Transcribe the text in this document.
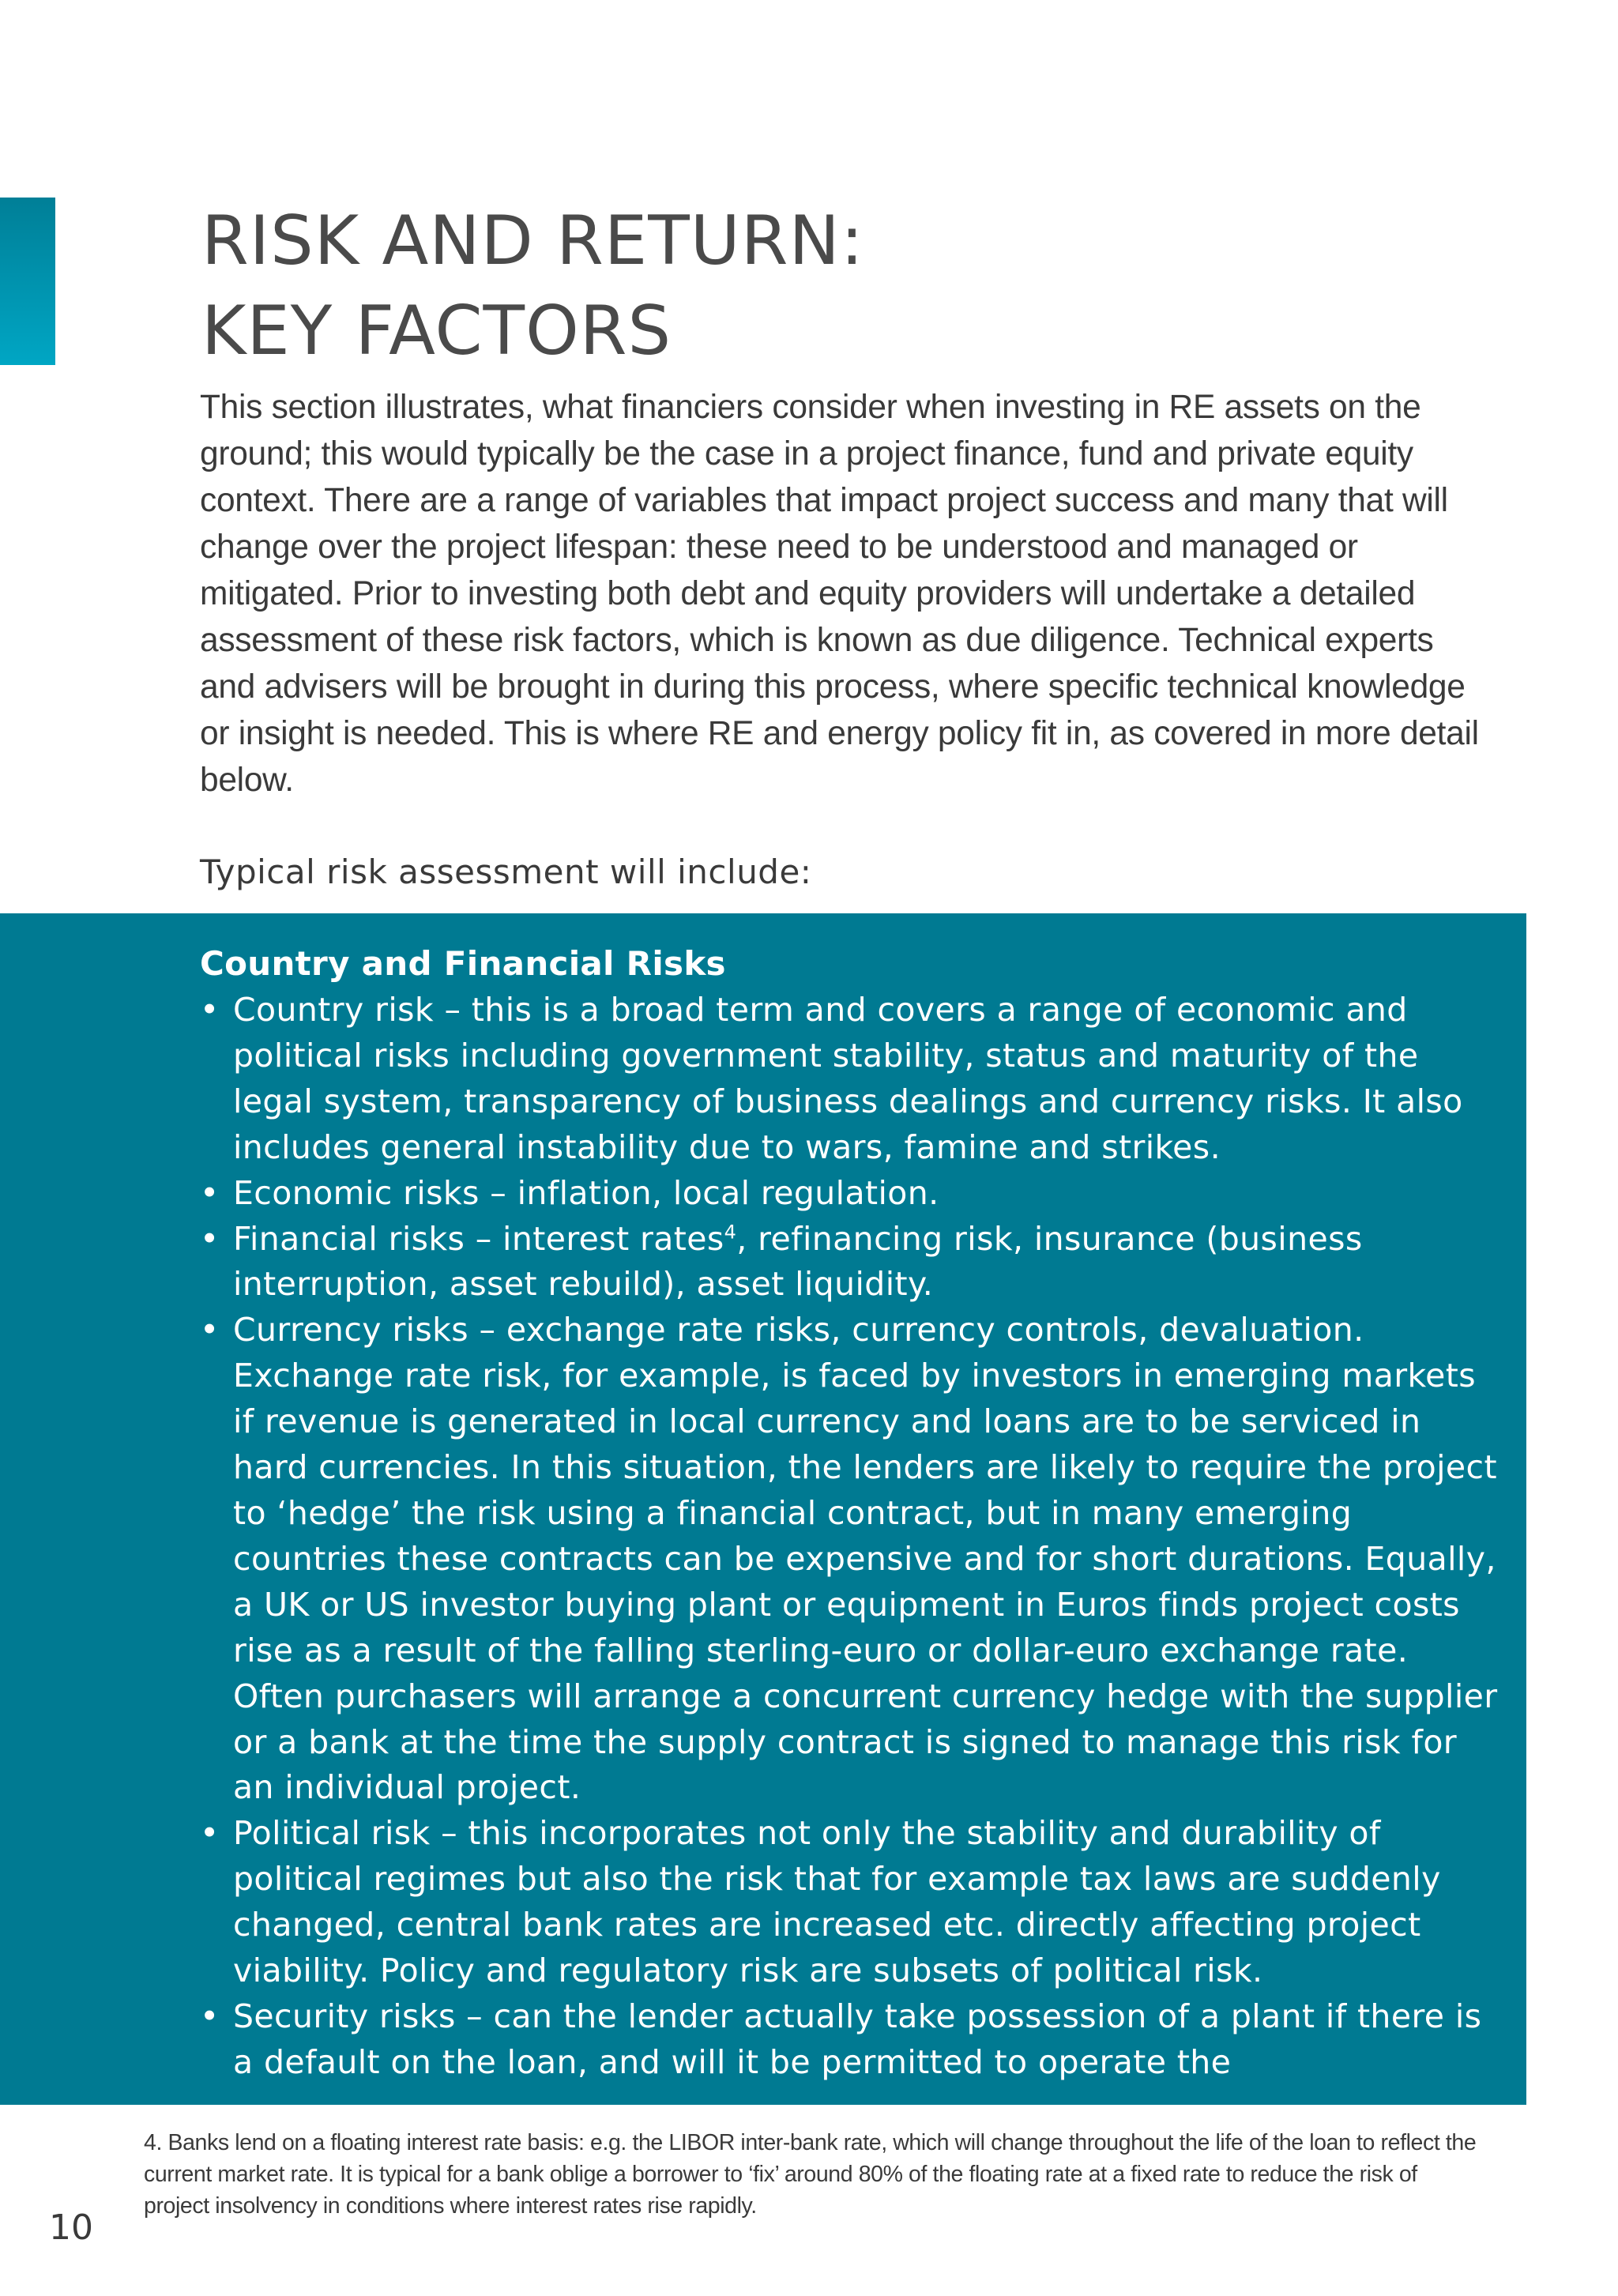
RISK AND RETURN:
KEY FACTORS

This section illustrates, what financiers consider when investing in RE assets on the ground; this would typically be the case in a project finance, fund and private equity context. There are a range of variables that impact project success and many that will change over the project lifespan: these need to be understood and managed or mitigated. Prior to investing both debt and equity providers will undertake a detailed assessment of these risk factors, which is known as due diligence. Technical experts and advisers will be brought in during this process, where specific technical knowledge or insight is needed. This is where RE and energy policy fit in, as covered in more detail below.

Typical risk assessment will include:

Country and Financial Risks
• Country risk – this is a broad term and covers a range of economic and political risks including government stability, status and maturity of the legal system, transparency of business dealings and currency risks. It also includes general instability due to wars, famine and strikes.
• Economic risks – inflation, local regulation.
• Financial risks – interest rates$^4$, refinancing risk, insurance (business interruption, asset rebuild), asset liquidity.
• Currency risks – exchange rate risks, currency controls, devaluation. Exchange rate risk, for example, is faced by investors in emerging markets if revenue is generated in local currency and loans are to be serviced in hard currencies. In this situation, the lenders are likely to require the project to ‘hedge’ the risk using a financial contract, but in many emerging countries these contracts can be expensive and for short durations. Equally, a UK or US investor buying plant or equipment in Euros finds project costs rise as a result of the falling sterling-euro or dollar-euro exchange rate. Often purchasers will arrange a concurrent currency hedge with the supplier or a bank at the time the supply contract is signed to manage this risk for an individual project.
• Political risk – this incorporates not only the stability and durability of political regimes but also the risk that for example tax laws are suddenly changed, central bank rates are increased etc. directly affecting project viability. Policy and regulatory risk are subsets of political risk.
• Security risks – can the lender actually take possession of a plant if there is a default on the loan, and will it be permitted to operate the

4. Banks lend on a floating interest rate basis: e.g. the LIBOR inter-bank rate, which will change throughout the life of the loan to reflect the current market rate. It is typical for a bank oblige a borrower to ‘fix’ around 80% of the floating rate at a fixed rate to reduce the risk of project insolvency in conditions where interest rates rise rapidly.

10
